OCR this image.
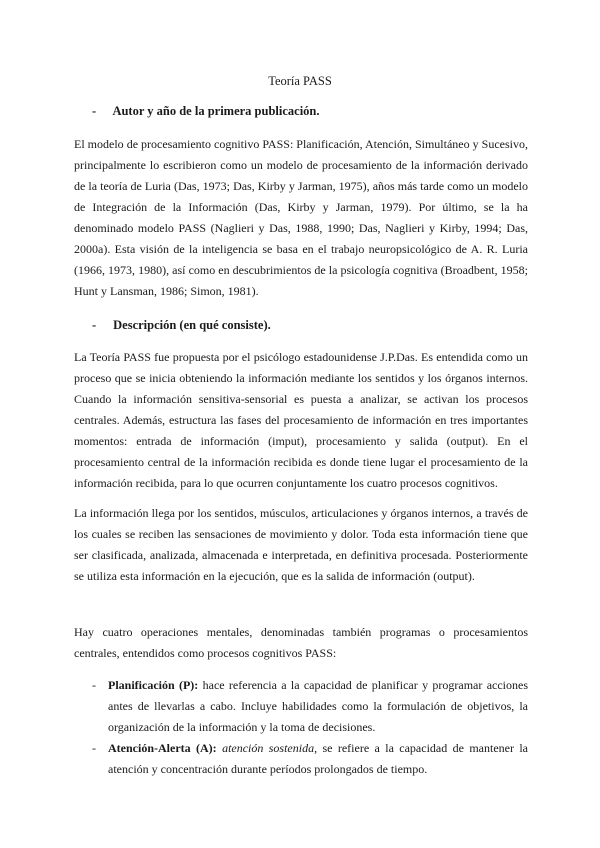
Teoría PASS
- Autor y año de la primera publicación.

El modelo de procesamiento cognitivo PASS: Planificación, Atención, Simultáneo y Sucesivo, principalmente lo escribieron como un modelo de procesamiento de la información derivado de la teoría de Luria (Das, 1973; Das, Kirby y Jarman, 1975), años más tarde como un modelo de Integración de la Información (Das, Kirby y Jarman, 1979). Por último, se la ha denominado modelo PASS (Naglieri y Das, 1988, 1990; Das, Naglieri y Kirby, 1994; Das, 2000a). Esta visión de la inteligencia se basa en el trabajo neuropsicológico de A. R. Luria (1966, 1973, 1980), así como en descubrimientos de la psicología cognitiva (Broadbent, 1958; Hunt y Lansman, 1986; Simon, 1981).

- Descripción (en qué consiste).

La Teoría PASS fue propuesta por el psicólogo estadounidense J.P.Das. Es entendida como un proceso que se inicia obteniendo la información mediante los sentidos y los órganos internos. Cuando la información sensitiva-sensorial es puesta a analizar, se activan los procesos centrales. Además, estructura las fases del procesamiento de información en tres importantes momentos: entrada de información (imput), procesamiento y salida (output). En el procesamiento central de la información recibida es donde tiene lugar el procesamiento de la información recibida, para lo que ocurren conjuntamente los cuatro procesos cognitivos.

La información llega por los sentidos, músculos, articulaciones y órganos internos, a través de los cuales se reciben las sensaciones de movimiento y dolor. Toda esta información tiene que ser clasificada, analizada, almacenada e interpretada, en definitiva procesada. Posteriormente se utiliza esta información en la ejecución, que es la salida de información (output).

Hay cuatro operaciones mentales, denominadas también programas o procesamientos centrales, entendidos como procesos cognitivos PASS:

- Planificación (P): hace referencia a la capacidad de planificar y programar acciones antes de llevarlas a cabo. Incluye habilidades como la formulación de objetivos, la organización de la información y la toma de decisiones.
- Atención-Alerta (A): atención sostenida, se refiere a la capacidad de mantener la atención y concentración durante períodos prolongados de tiempo.
